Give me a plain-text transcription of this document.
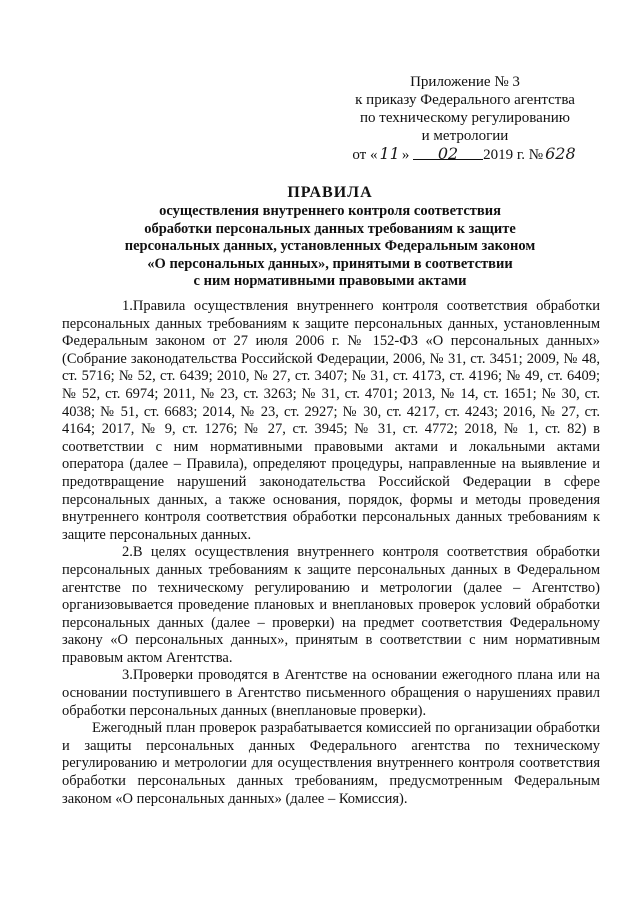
Приложение № 3
к приказу Федерального агентства
по техническому регулированию
и метрологии
от « 11 » 02 2019 г. № 628
ПРАВИЛА
осуществления внутреннего контроля соответствия
обработки персональных данных требованиям к защите
персональных данных, установленных Федеральным законом
«О персональных данных», принятыми в соответствии
с ним нормативными правовыми актами

1.Правила осуществления внутреннего контроля соответствия обработки персональных данных требованиям к защите персональных данных, установленным Федеральным законом от 27 июля 2006 г. № 152-ФЗ «О персональных данных» (Собрание законодательства Российской Федерации, 2006, № 31, ст. 3451; 2009, № 48, ст. 5716; № 52, ст. 6439; 2010, № 27, ст. 3407; № 31, ст. 4173, ст. 4196; № 49, ст. 6409; № 52, ст. 6974; 2011, № 23, ст. 3263; № 31, ст. 4701; 2013, № 14, ст. 1651; № 30, ст. 4038; № 51, ст. 6683; 2014, № 23, ст. 2927; № 30, ст. 4217, ст. 4243; 2016, № 27, ст. 4164; 2017, № 9, ст. 1276; № 27, ст. 3945; № 31, ст. 4772; 2018, № 1, ст. 82) в соответствии с ним нормативными правовыми актами и локальными актами оператора (далее – Правила), определяют процедуры, направленные на выявление и предотвращение нарушений законодательства Российской Федерации в сфере персональных данных, а также основания, порядок, формы и методы проведения внутреннего контроля соответствия обработки персональных данных требованиям к защите персональных данных.

2.В целях осуществления внутреннего контроля соответствия обработки персональных данных требованиям к защите персональных данных в Федеральном агентстве по техническому регулированию и метрологии (далее – Агентство) организовывается проведение плановых и внеплановых проверок условий обработки персональных данных (далее – проверки) на предмет соответствия Федеральному закону «О персональных данных», принятым в соответствии с ним нормативным правовым актом Агентства.

3.Проверки проводятся в Агентстве на основании ежегодного плана или на основании поступившего в Агентство письменного обращения о нарушениях правил обработки персональных данных (внеплановые проверки).

Ежегодный план проверок разрабатывается комиссией по организации обработки и защиты персональных данных Федерального агентства по техническому регулированию и метрологии для осуществления внутреннего контроля соответствия обработки персональных данных требованиям, предусмотренным Федеральным законом «О персональных данных» (далее – Комиссия).
